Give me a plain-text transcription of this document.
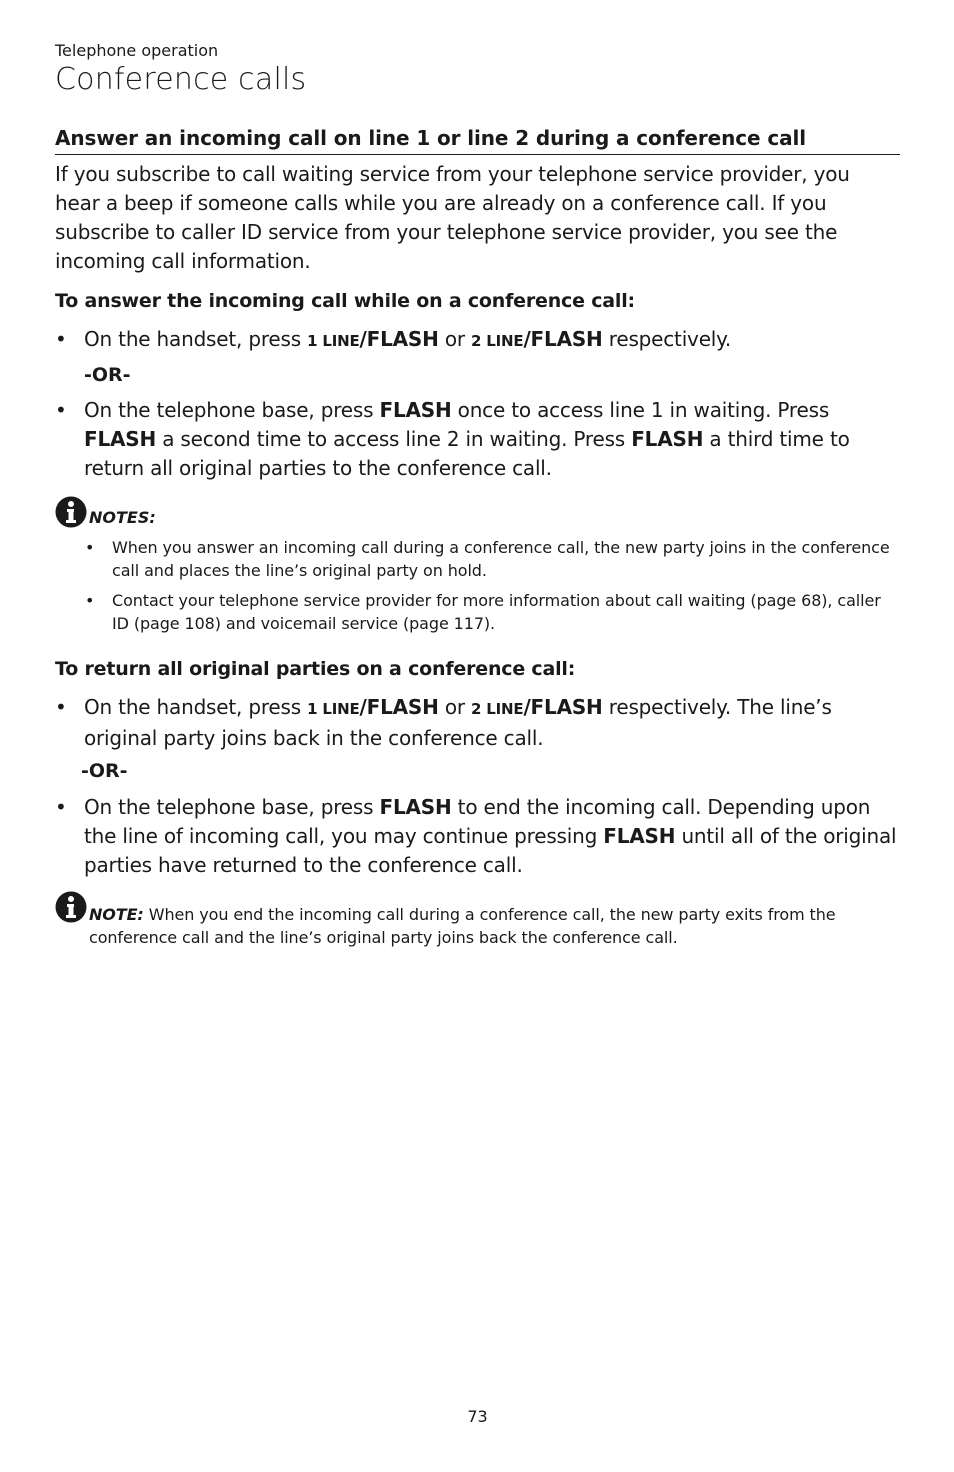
Telephone operation
Conference calls
Answer an incoming call on line 1 or line 2 during a conference call
If you subscribe to call waiting service from your telephone service provider, you hear a beep if someone calls while you are already on a conference call. If you subscribe to caller ID service from your telephone service provider, you see the incoming call information.
To answer the incoming call while on a conference call:
• On the handset, press 1 LINE/FLASH or 2 LINE/FLASH respectively.
-OR-
• On the telephone base, press FLASH once to access line 1 in waiting. Press FLASH a second time to access line 2 in waiting. Press FLASH a third time to return all original parties to the conference call.
NOTES:
• When you answer an incoming call during a conference call, the new party joins in the conference call and places the line’s original party on hold.
• Contact your telephone service provider for more information about call waiting (page 68), caller ID (page 108) and voicemail service (page 117).
To return all original parties on a conference call:
• On the handset, press 1 LINE/FLASH or 2 LINE/FLASH respectively. The line’s original party joins back in the conference call.
-OR-
• On the telephone base, press FLASH to end the incoming call. Depending upon the line of incoming call, you may continue pressing FLASH until all of the original parties have returned to the conference call.
NOTE: When you end the incoming call during a conference call, the new party exits from the conference call and the line’s original party joins back the conference call.
73
